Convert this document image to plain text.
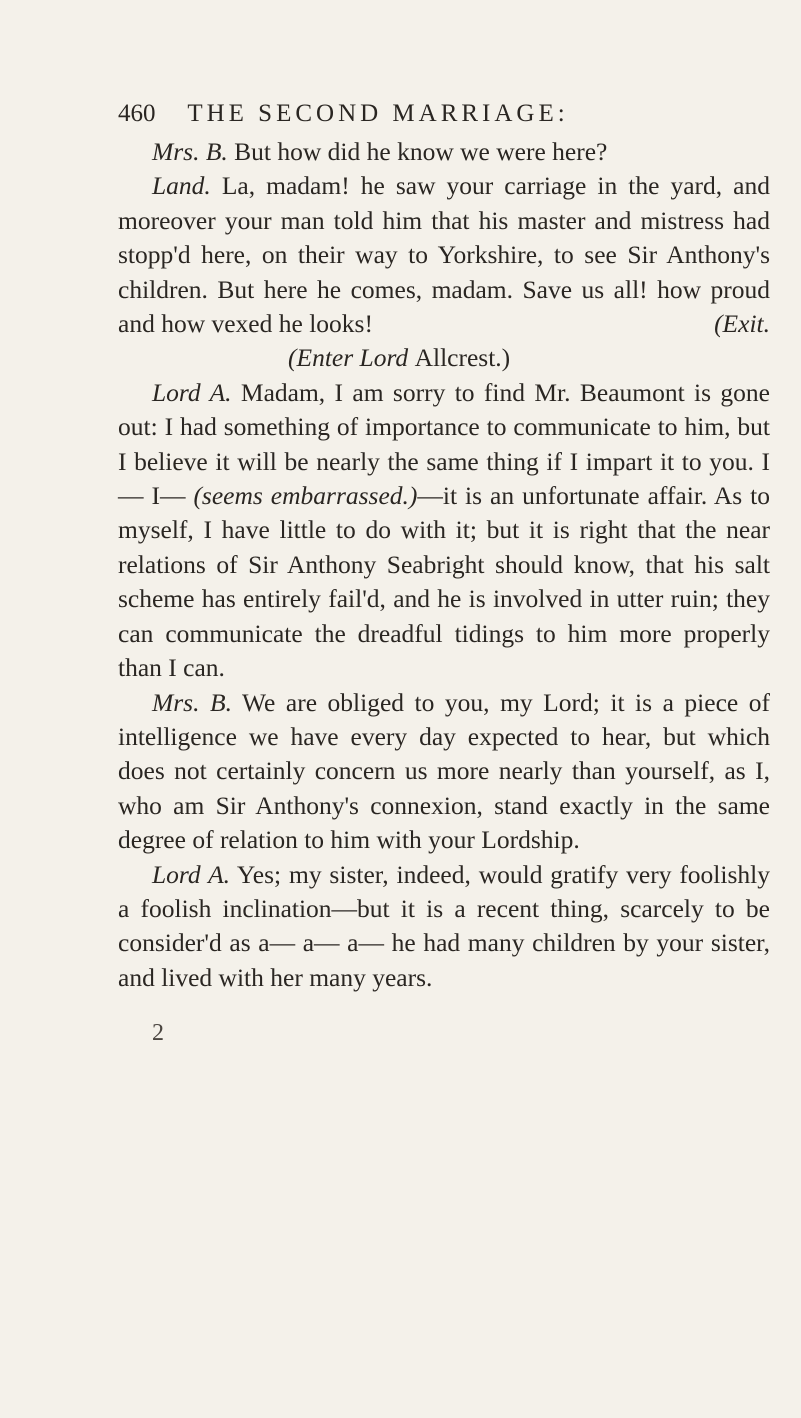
460 THE SECOND MARRIAGE:

Mrs. B. But how did he know we were here?

Land. La, madam! he saw your carriage in the yard, and moreover your man told him that his master and mistress had stopp'd here, on their way to Yorkshire, to see Sir Anthony's children. But here he comes, madam. Save us all! how proud and how vexed he looks!	(Exit.

(Enter Lord Allcrest.)

Lord A. Madam, I am sorry to find Mr. Beaumont is gone out: I had something of importance to communicate to him, but I believe it will be nearly the same thing if I impart it to you. I— I— (seems embarrassed.)—it is an unfortunate affair. As to myself, I have little to do with it; but it is right that the near relations of Sir Anthony Seabright should know, that his salt scheme has entirely fail'd, and he is involved in utter ruin; they can communicate the dreadful tidings to him more properly than I can.

Mrs. B. We are obliged to you, my Lord; it is a piece of intelligence we have every day expected to hear, but which does not certainly concern us more nearly than yourself, as I, who am Sir Anthony's connexion, stand exactly in the same degree of relation to him with your Lordship.

Lord A. Yes; my sister, indeed, would gratify very foolishly a foolish inclination—but it is a recent thing, scarcely to be consider'd as a— a— a— he had many children by your sister, and lived with her many years.

2
